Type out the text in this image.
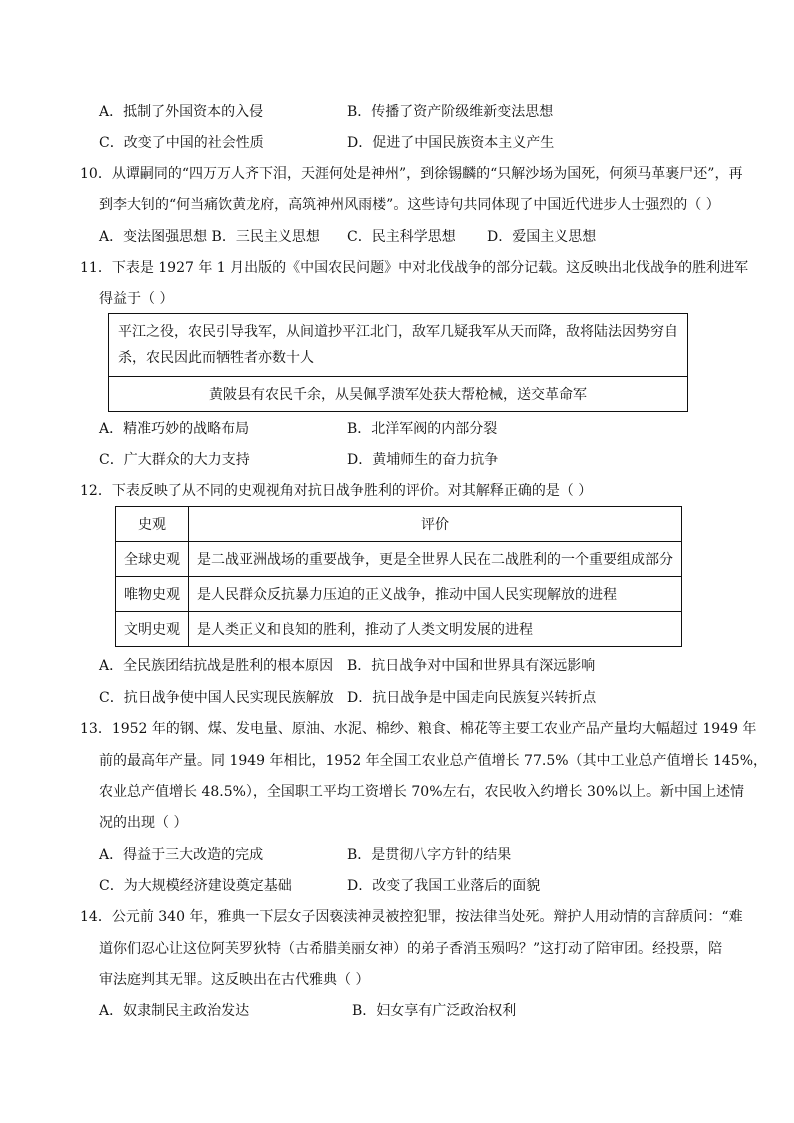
A．抵制了外国资本的入侵	B．传播了资产阶级维新变法思想
C．改变了中国的社会性质	D．促进了中国民族资本主义产生
10．从谭嗣同的“四万万人齐下泪，天涯何处是神州”，到徐锡麟的“只解沙场为国死，何须马革裹尸还”，再
到李大钊的“何当痛饮黄龙府，高筑神州风雨楼”。这些诗句共同体现了中国近代进步人士强烈的（ ）
A．变法图强思想 B．三民主义思想 C．民主科学思想 D．爱国主义思想
11．下表是 1927 年 1 月出版的《中国农民问题》中对北伐战争的部分记载。这反映出北伐战争的胜利进军
得益于（ ）
平江之役，农民引导我军，从间道抄平江北门，敌军几疑我军从天而降，敌将陆法因势穷自
杀，农民因此而牺牲者亦数十人

黄陂县有农民千余，从吴佩孚溃军处获大帮枪械，送交革命军
A．精准巧妙的战略布局	B．北洋军阀的内部分裂
C．广大群众的大力支持	D．黄埔师生的奋力抗争
12．下表反映了从不同的史观视角对抗日战争胜利的评价。对其解释正确的是（ ）
史观	评价
全球史观	是二战亚洲战场的重要战争，更是全世界人民在二战胜利的一个重要组成部分
唯物史观	是人民群众反抗暴力压迫的正义战争，推动中国人民实现解放的进程
文明史观	是人类正义和良知的胜利，推动了人类文明发展的进程
A．全民族团结抗战是胜利的根本原因 B．抗日战争对中国和世界具有深远影响
C．抗日战争使中国人民实现民族解放 D．抗日战争是中国走向民族复兴转折点
13．1952 年的钢、煤、发电量、原油、水泥、棉纱、粮食、棉花等主要工农业产品产量均大幅超过 1949 年
前的最高年产量。同 1949 年相比，1952 年全国工农业总产值增长 77.5%（其中工业总产值增长 145%，
农业总产值增长 48.5%），全国职工平均工资增长 70%左右，农民收入约增长 30%以上。新中国上述情
况的出现（ ）
A．得益于三大改造的完成	B．是贯彻八字方针的结果
C．为大规模经济建设奠定基础	D．改变了我国工业落后的面貌
14．公元前 340 年，雅典一下层女子因亵渎神灵被控犯罪，按法律当处死。辩护人用动情的言辞质问：“难
道你们忍心让这位阿芙罗狄特（古希腊美丽女神）的弟子香消玉殒吗？”这打动了陪审团。经投票，陪
审法庭判其无罪。这反映出在古代雅典（ ）
A．奴隶制民主政治发达	B．妇女享有广泛政治权利
